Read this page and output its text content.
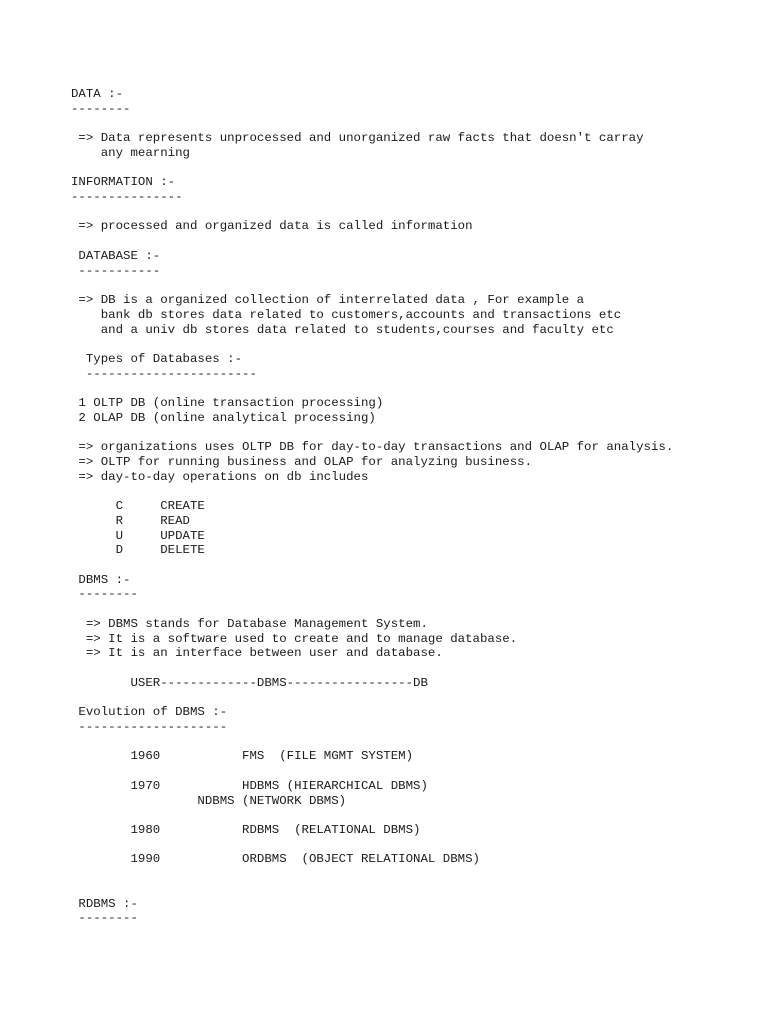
DATA :-
--------
=> Data represents unprocessed and unorganized raw facts that doesn't carray
any mearning
INFORMATION :-
---------------
=> processed and organized data is called information
DATABASE :-
-----------
=> DB is a organized collection of interrelated data , For example a
bank db stores data related to customers,accounts and transactions etc
and a univ db stores data related to students,courses and faculty etc
Types of Databases :-
-----------------------
1 OLTP DB (online transaction processing)
2 OLAP DB (online analytical processing)
=> organizations uses OLTP DB for day-to-day transactions and OLAP for analysis.
=> OLTP for running business and OLAP for analyzing business.
=> day-to-day operations on db includes
C     CREATE
R     READ
U     UPDATE
D     DELETE
DBMS :-
--------
=> DBMS stands for Database Management System.
=> It is a software used to create and to manage database.
=> It is an interface between user and database.
USER-------------DBMS-----------------DB
Evolution of DBMS :-
--------------------
1960           FMS  (FILE MGMT SYSTEM)
1970           HDBMS (HIERARCHICAL DBMS)
NDBMS (NETWORK DBMS)
1980           RDBMS  (RELATIONAL DBMS)
1990           ORDBMS  (OBJECT RELATIONAL DBMS)
RDBMS :-
--------
